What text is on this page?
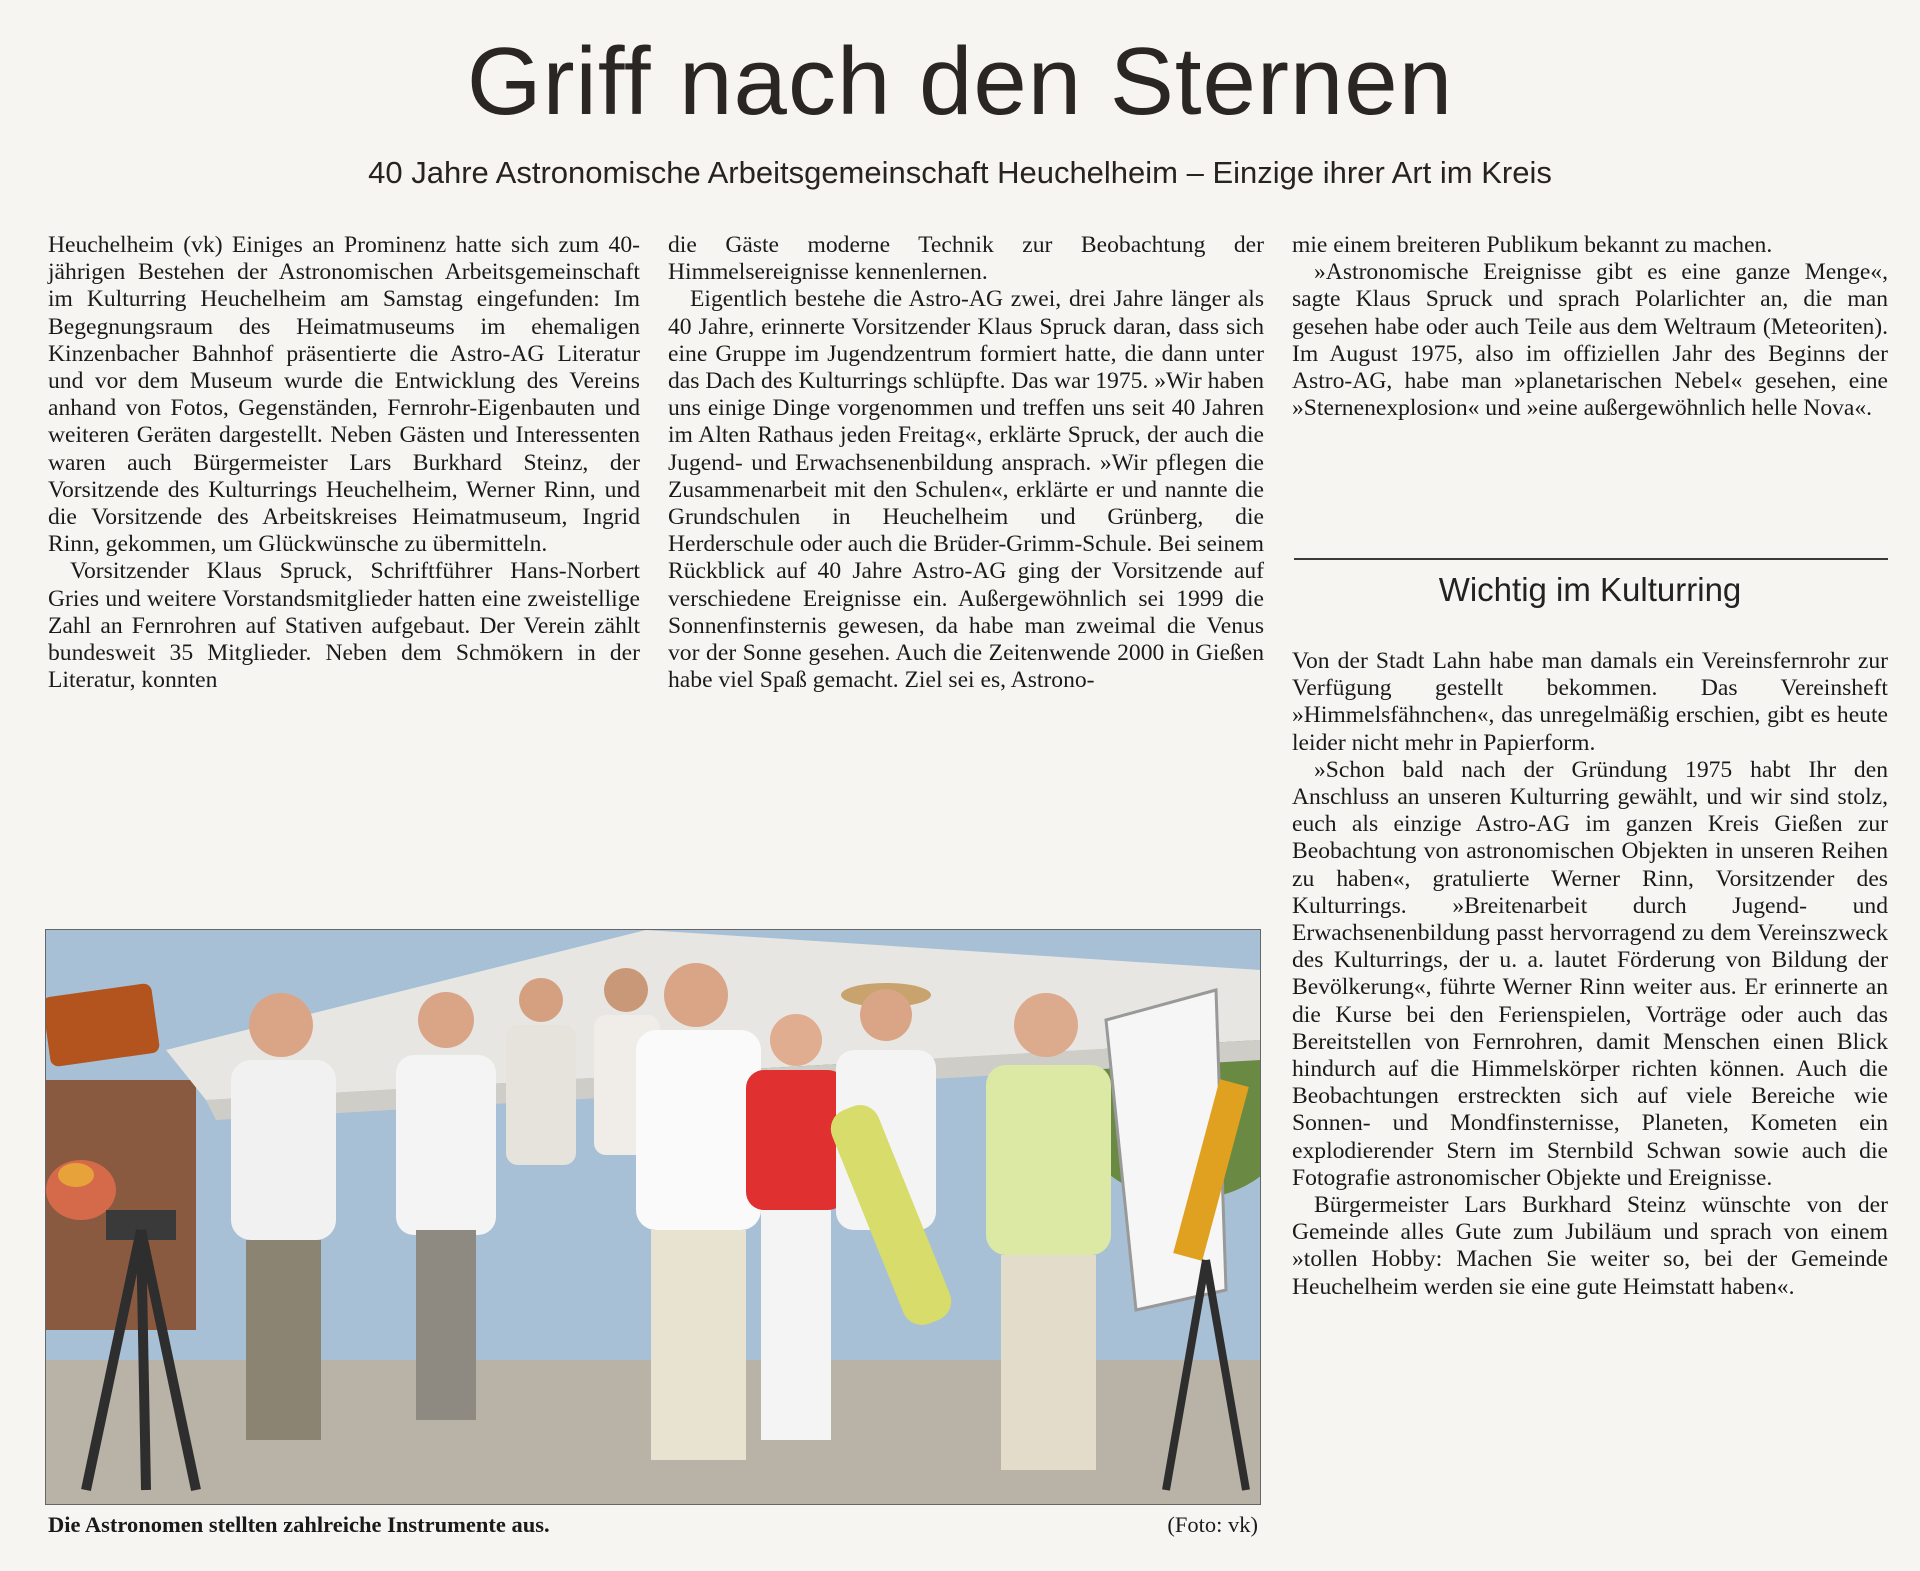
Griff nach den Sternen
40 Jahre Astronomische Arbeitsgemeinschaft Heuchelheim – Einzige ihrer Art im Kreis

Heuchelheim (vk) Einiges an Prominenz hatte sich zum 40-jährigen Bestehen der Astronomischen Arbeitsgemeinschaft im Kulturring Heuchelheim am Samstag eingefunden: Im Begegnungsraum des Heimatmuseums im ehemaligen Kinzenbacher Bahnhof präsentierte die Astro-AG Literatur und vor dem Museum wurde die Entwicklung des Vereins anhand von Fotos, Gegenständen, Fernrohr-Eigenbauten und weiteren Geräten dargestellt. Neben Gästen und Interessenten waren auch Bürgermeister Lars Burkhard Steinz, der Vorsitzende des Kulturrings Heuchelheim, Werner Rinn, und die Vorsitzende des Arbeitskreises Heimatmuseum, Ingrid Rinn, gekommen, um Glückwünsche zu übermitteln.

Vorsitzender Klaus Spruck, Schriftführer Hans-Norbert Gries und weitere Vorstandsmitglieder hatten eine zweistellige Zahl an Fernrohren auf Stativen aufgebaut. Der Verein zählt bundesweit 35 Mitglieder. Neben dem Schmökern in der Literatur, konnten

die Gäste moderne Technik zur Beobachtung der Himmelsereignisse kennenlernen.

Eigentlich bestehe die Astro-AG zwei, drei Jahre länger als 40 Jahre, erinnerte Vorsitzender Klaus Spruck daran, dass sich eine Gruppe im Jugendzentrum formiert hatte, die dann unter das Dach des Kulturrings schlüpfte. Das war 1975. »Wir haben uns einige Dinge vorgenommen und treffen uns seit 40 Jahren im Alten Rathaus jeden Freitag«, erklärte Spruck, der auch die Jugend- und Erwachsenenbildung ansprach. »Wir pflegen die Zusammenarbeit mit den Schulen«, erklärte er und nannte die Grundschulen in Heuchelheim und Grünberg, die Herderschule oder auch die Brüder-Grimm-Schule. Bei seinem Rückblick auf 40 Jahre Astro-AG ging der Vorsitzende auf verschiedene Ereignisse ein. Außergewöhnlich sei 1999 die Sonnenfinsternis gewesen, da habe man zweimal die Venus vor der Sonne gesehen. Auch die Zeitenwende 2000 in Gießen habe viel Spaß gemacht. Ziel sei es, Astrono-

mie einem breiteren Publikum bekannt zu machen.

»Astronomische Ereignisse gibt es eine ganze Menge«, sagte Klaus Spruck und sprach Polarlichter an, die man gesehen habe oder auch Teile aus dem Weltraum (Meteoriten). Im August 1975, also im offiziellen Jahr des Beginns der Astro-AG, habe man »planetarischen Nebel« gesehen, eine »Sternenexplosion« und »eine außergewöhnlich helle Nova«.

Wichtig im Kulturring

Von der Stadt Lahn habe man damals ein Vereinsfernrohr zur Verfügung gestellt bekommen. Das Vereinsheft »Himmelsfähnchen«, das unregelmäßig erschien, gibt es heute leider nicht mehr in Papierform.

»Schon bald nach der Gründung 1975 habt Ihr den Anschluss an unseren Kulturring gewählt, und wir sind stolz, euch als einzige Astro-AG im ganzen Kreis Gießen zur Beobachtung von astronomischen Objekten in unseren Reihen zu haben«, gratulierte Werner Rinn, Vorsitzender des Kulturrings. »Breitenarbeit durch Jugend- und Erwachsenenbildung passt hervorragend zu dem Vereinszweck des Kulturrings, der u. a. lautet Förderung von Bildung der Bevölkerung«, führte Werner Rinn weiter aus. Er erinnerte an die Kurse bei den Ferienspielen, Vorträge oder auch das Bereitstellen von Fernrohren, damit Menschen einen Blick hindurch auf die Himmelskörper richten können. Auch die Beobachtungen erstreckten sich auf viele Bereiche wie Sonnen- und Mondfinsternisse, Planeten, Kometen ein explodierender Stern im Sternbild Schwan sowie auch die Fotografie astronomischer Objekte und Ereignisse.

Bürgermeister Lars Burkhard Steinz wünschte von der Gemeinde alles Gute zum Jubiläum und sprach von einem »tollen Hobby: Machen Sie weiter so, bei der Gemeinde Heuchelheim werden sie eine gute Heimstatt haben«.

Die Astronomen stellten zahlreiche Instrumente aus.	(Foto: vk)
